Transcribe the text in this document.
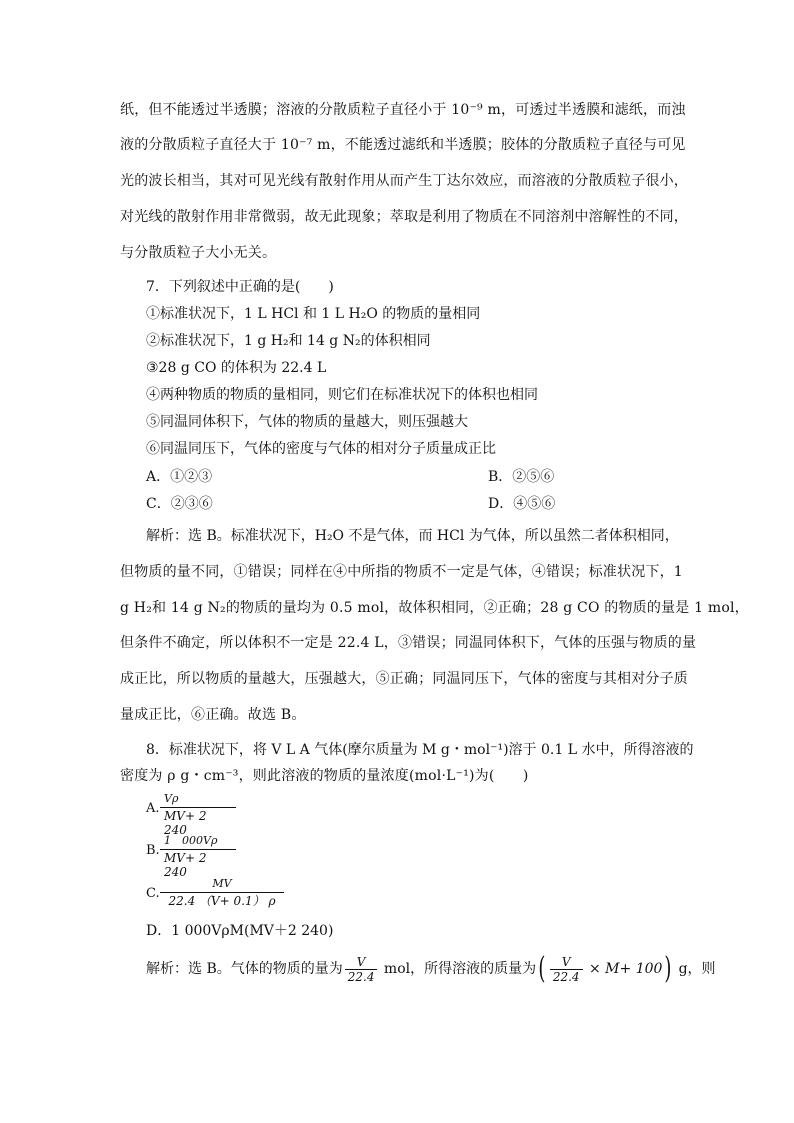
纸，但不能透过半透膜；溶液的分散质粒子直径小于 10⁻⁹ m，可透过半透膜和滤纸，而浊
液的分散质粒子直径大于 10⁻⁷ m，不能透过滤纸和半透膜；胶体的分散质粒子直径与可见
光的波长相当，其对可见光线有散射作用从而产生丁达尔效应，而溶液的分散质粒子很小，
对光线的散射作用非常微弱，故无此现象；萃取是利用了物质在不同溶剂中溶解性的不同，
与分散质粒子大小无关。
7．下列叙述中正确的是(　　)
①标准状况下，1 L HCl 和 1 L H₂O 的物质的量相同
②标准状况下，1 g H₂和 14 g N₂的体积相同
③28 g CO 的体积为 22.4 L
④两种物质的物质的量相同，则它们在标准状况下的体积也相同
⑤同温同体积下，气体的物质的量越大，则压强越大
⑥同温同压下，气体的密度与气体的相对分子质量成正比
A．①②③	B．②⑤⑥
C．②③⑥	D．④⑤⑥
解析：选 B。标准状况下，H₂O 不是气体，而 HCl 为气体，所以虽然二者体积相同，
但物质的量不同，①错误；同样在④中所指的物质不一定是气体，④错误；标准状况下，1
g H₂和 14 g N₂的物质的量均为 0.5 mol，故体积相同，②正确；28 g CO 的物质的量是 1 mol，
但条件不确定，所以体积不一定是 22.4 L，③错误；同温同体积下，气体的压强与物质的量
成正比，所以物质的量越大，压强越大，⑤正确；同温同压下，气体的密度与其相对分子质
量成正比，⑥正确。故选 B。
8．标准状况下，将 V L A 气体(摩尔质量为 M g・mol⁻¹)溶于 0.1 L 水中，所得溶液的
密度为 ρ g・cm⁻³，则此溶液的物质的量浓度(mol·L⁻¹)为(　　)
A. $\frac{V\rho}{MV+ 2 240}$
B. $\frac{1 000V\rho}{MV+ 2 240}$
C. $\frac{MV}{22.4 (V+ 0.1) \rho}$
D．1 000VρM(MV＋2 240)
解析：选 B。气体的物质的量为 $\frac{V}{22.4}$ mol，所得溶液的质量为( $\frac{V}{22.4} \times M+ 100$) g，则
